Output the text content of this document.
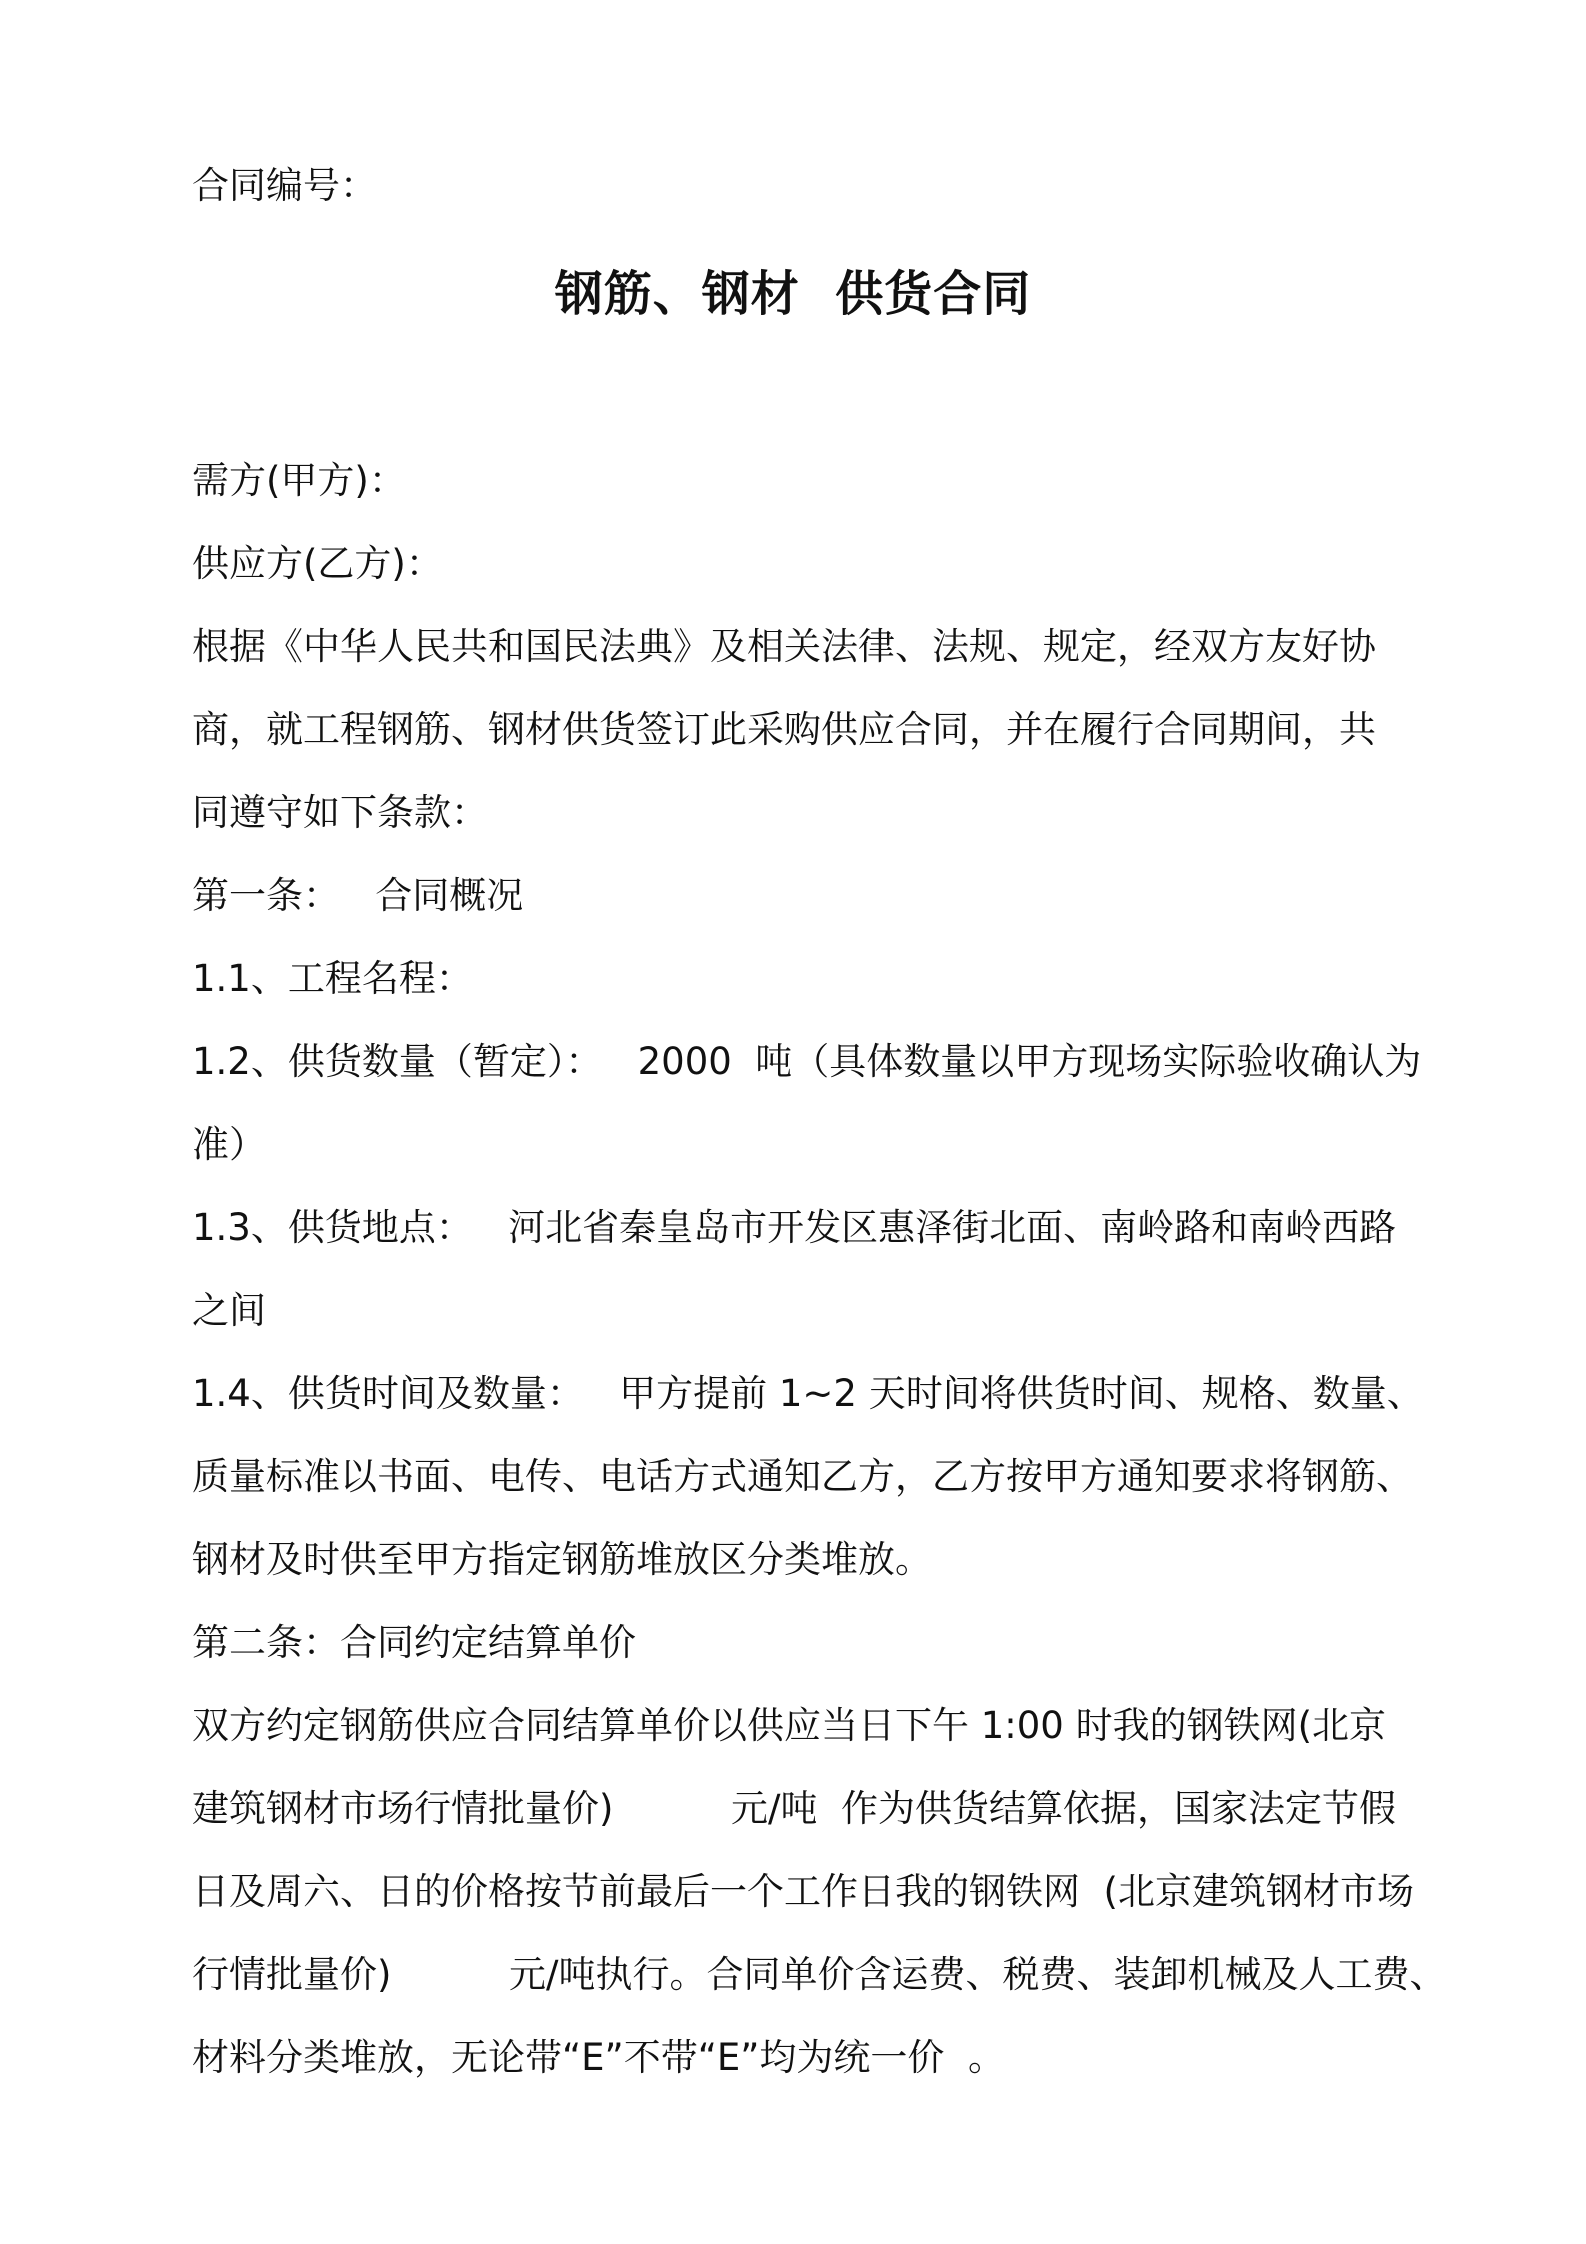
合同编号：
钢筋、钢材  供货合同
需方(甲方)：
供应方(乙方)：
根据《中华人民共和国民法典》及相关法律、法规、规定，经双方友好协
商，就工程钢筋、钢材供货签订此采购供应合同，并在履行合同期间，共
同遵守如下条款：
第一条：   合同概况
1.1、工程名程：
1.2、供货数量（暂定）：   2000  吨（具体数量以甲方现场实际验收确认为
准）
1.3、供货地点：   河北省秦皇岛市开发区惠泽街北面、南岭路和南岭西路
之间
1.4、供货时间及数量：   甲方提前 1~2 天时间将供货时间、规格、数量、
质量标准以书面、电传、电话方式通知乙方，乙方按甲方通知要求将钢筋、
钢材及时供至甲方指定钢筋堆放区分类堆放。
第二条：合同约定结算单价
双方约定钢筋供应合同结算单价以供应当日下午 1:00 时我的钢铁网(北京
建筑钢材市场行情批量价)          元/吨  作为供货结算依据，国家法定节假
日及周六、日的价格按节前最后一个工作日我的钢铁网  (北京建筑钢材市场
行情批量价)          元/吨执行。合同单价含运费、税费、装卸机械及人工费、
材料分类堆放，无论带“E”不带“E”均为统一价  。
